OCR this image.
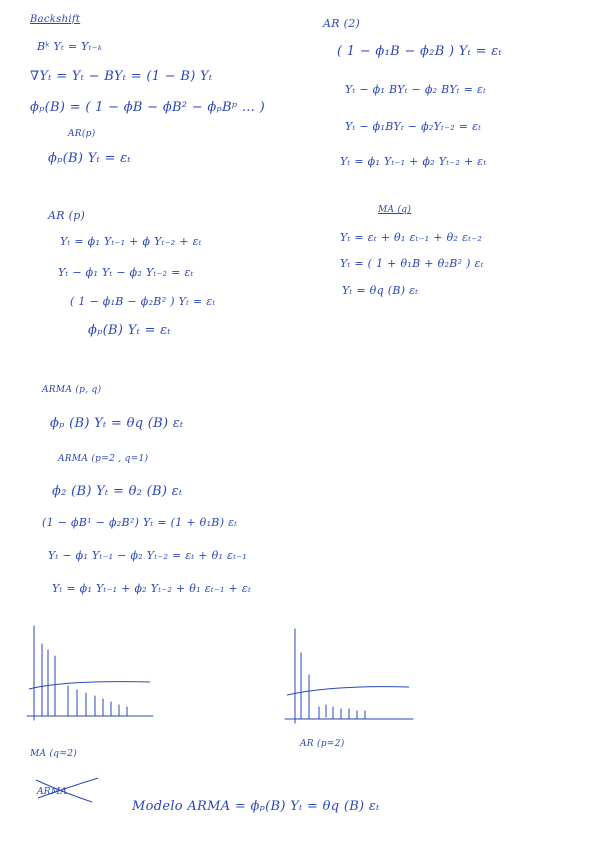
Backshift
Bᵏ Yₜ = Yₜ₋ₖ
∇Yₜ = Yₜ − BYₜ = (1 − B) Yₜ
ϕₚ(B) = ( 1 − ϕB − ϕB² − ϕₚBᵖ ... )
AR(p)
ϕₚ(B) Yₜ = εₜ
AR (p)
Yₜ = ϕ₁ Yₜ₋₁ + ϕ Yₜ₋₂ + εₜ
Yₜ − ϕ₁ Yₜ − ϕ₂ Yₜ₋₂ = εₜ
( 1 − ϕ₁B − ϕ₂B² ) Yₜ = εₜ
ϕₚ(B) Yₜ = εₜ
AR (2)
( 1 − ϕ₁B − ϕ₂B ) Yₜ = εₜ
Yₜ − ϕ₁ BYₜ − ϕ₂ BYₜ = εₜ
Yₜ − ϕ₁BYₜ − ϕ₂Yₜ₋₂ = εₜ
Yₜ = ϕ₁ Yₜ₋₁ + ϕ₂ Yₜ₋₂ + εₜ
MA (q)
Yₜ = εₜ + θ₁ εₜ₋₁ + θ₂ εₜ₋₂
Yₜ = ( 1 + θ₁B + θ₂B² ) εₜ
Yₜ = θq (B) εₜ
ARMA (p, q)
ϕₚ (B) Yₜ = θq (B) εₜ
ARMA (p=2 , q=1)
ϕ₂ (B) Yₜ = θ₂ (B) εₜ
(1 − ϕB¹ − ϕ₂B²) Yₜ = (1 + θ₁B) εₜ
Yₜ − ϕ₁ Yₜ₋₁ − ϕ₂ Yₜ₋₂ = εₜ + θ₁ εₜ₋₁
Yₜ = ϕ₁ Yₜ₋₁ + ϕ₂ Yₜ₋₂ + θ₁ εₜ₋₁ + εₜ
MA (q=2)
ARMA
AR (p=2)
Modelo ARMA = ϕₚ(B) Yₜ = θq (B) εₜ
